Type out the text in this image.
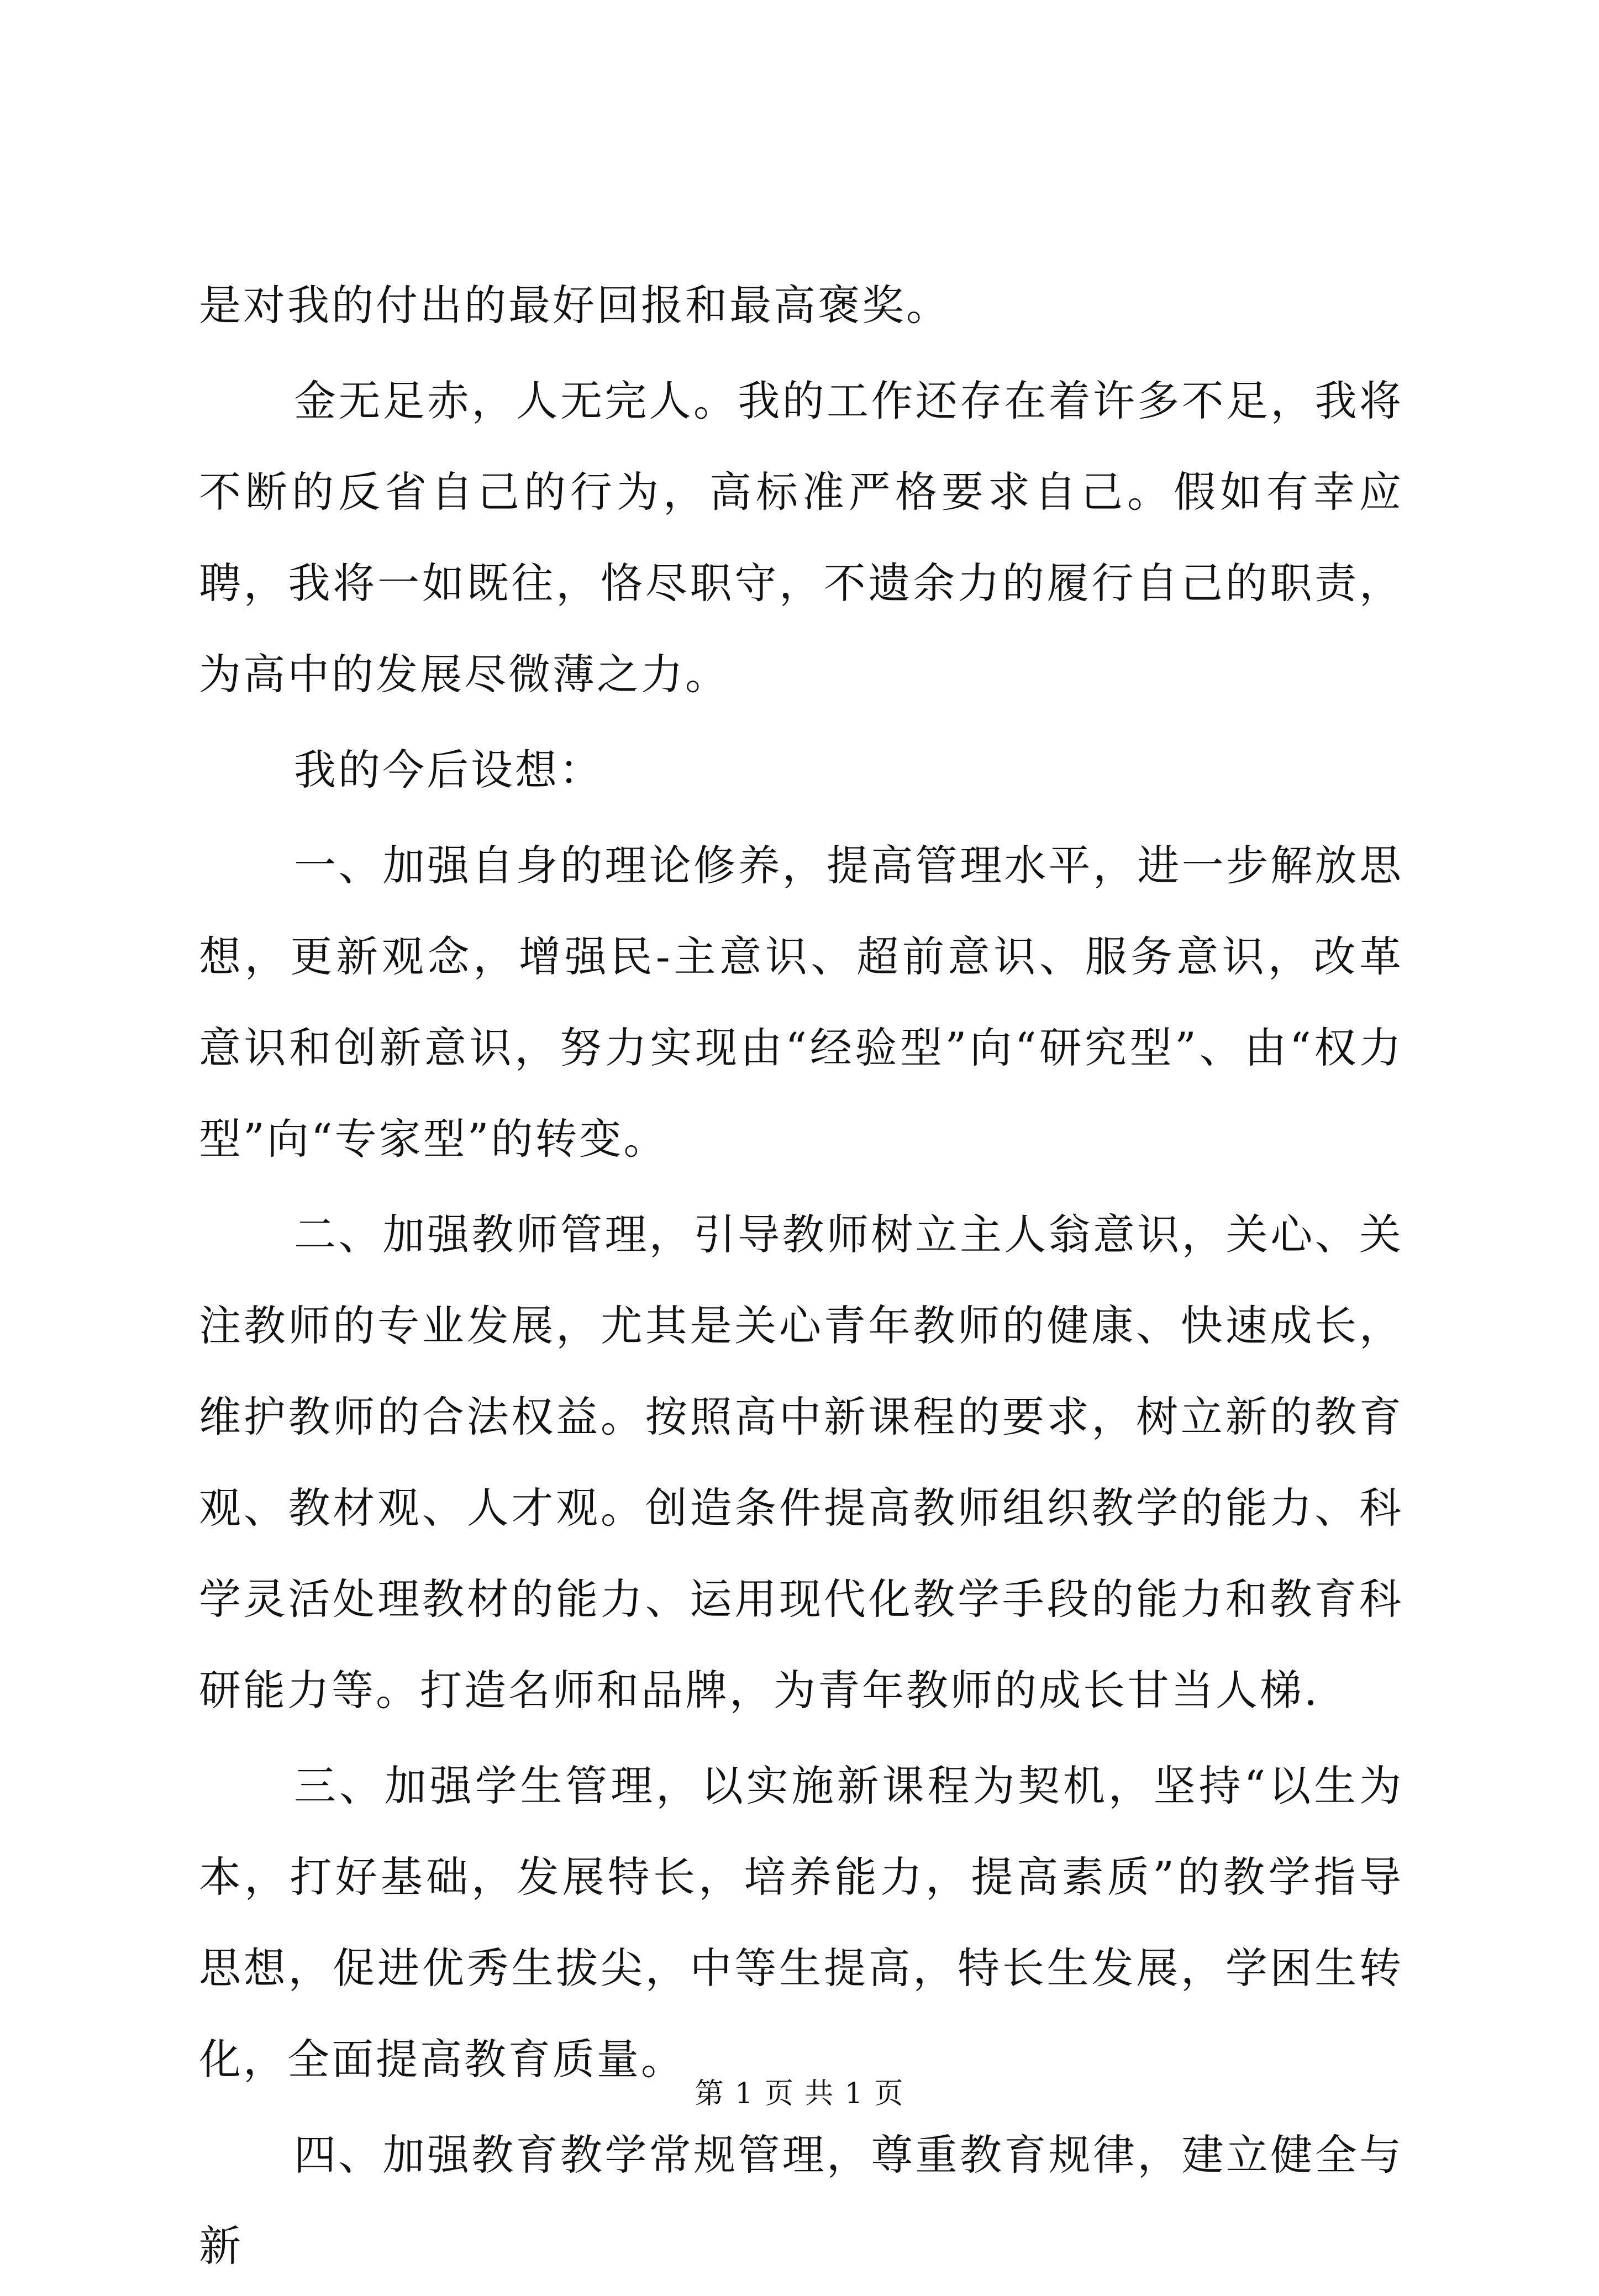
是对我的付出的最好回报和最高褒奖。

金无足赤，人无完人。我的工作还存在着许多不足，我将不断的反省自己的行为，高标准严格要求自己。假如有幸应聘，我将一如既往，恪尽职守，不遗余力的履行自己的职责，为高中的发展尽微薄之力。

我的今后设想：

一、加强自身的理论修养，提高管理水平，进一步解放思想，更新观念，增强民-主意识、超前意识、服务意识，改革意识和创新意识，努力实现由“经验型”向“研究型”、由“权力型”向“专家型”的转变。

二、加强教师管理，引导教师树立主人翁意识，关心、关注教师的专业发展，尤其是关心青年教师的健康、快速成长，维护教师的合法权益。按照高中新课程的要求，树立新的教育观、教材观、人才观。创造条件提高教师组织教学的能力、科学灵活处理教材的能力、运用现代化教学手段的能力和教育科研能力等。打造名师和品牌，为青年教师的成长甘当人梯.

三、加强学生管理，以实施新课程为契机，坚持“以生为本，打好基础，发展特长，培养能力，提高素质”的教学指导思想，促进优秀生拔尖，中等生提高，特长生发展，学困生转化，全面提高教育质量。

四、加强教育教学常规管理，尊重教育规律，建立健全与新

第 1 页 共 1 页
